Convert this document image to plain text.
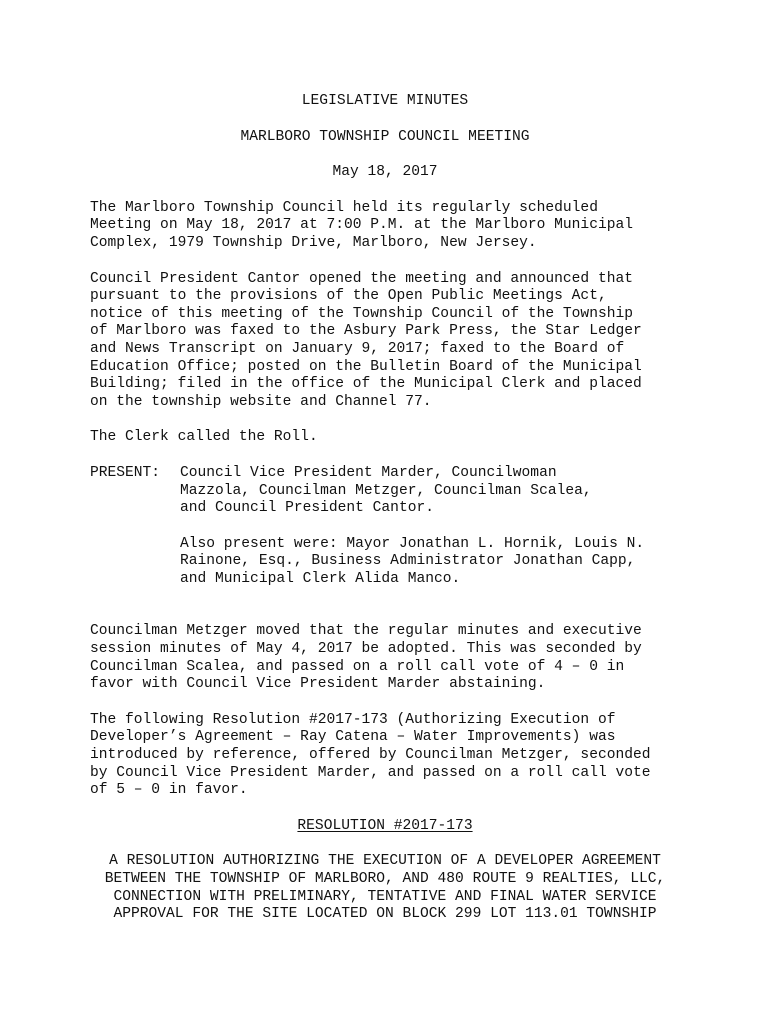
LEGISLATIVE MINUTES
MARLBORO TOWNSHIP COUNCIL MEETING
May 18, 2017
The Marlboro Township Council held its regularly scheduled
Meeting on May 18, 2017 at 7:00 P.M. at the Marlboro Municipal
Complex, 1979 Township Drive, Marlboro, New Jersey.
Council President Cantor opened the meeting and announced that
pursuant to the provisions of the Open Public Meetings Act,
notice of this meeting of the Township Council of the Township
of Marlboro was faxed to the Asbury Park Press, the Star Ledger
and News Transcript on January 9, 2017; faxed to the Board of
Education Office; posted on the Bulletin Board of the Municipal
Building; filed in the office of the Municipal Clerk and placed
on the township website and Channel 77.
The Clerk called the Roll.
PRESENT:	Council Vice President Marder, Councilwoman
Mazzola, Councilman Metzger, Councilman Scalea,
and Council President Cantor.
Also present were: Mayor Jonathan L. Hornik, Louis N.
Rainone, Esq., Business Administrator Jonathan Capp,
and Municipal Clerk Alida Manco.
Councilman Metzger moved that the regular minutes and executive
session minutes of May 4, 2017 be adopted. This was seconded by
Councilman Scalea, and passed on a roll call vote of 4 – 0 in
favor with Council Vice President Marder abstaining.
The following Resolution #2017-173 (Authorizing Execution of
Developer’s Agreement – Ray Catena – Water Improvements) was
introduced by reference, offered by Councilman Metzger, seconded
by Council Vice President Marder, and passed on a roll call vote
of 5 – 0 in favor.
RESOLUTION #2017-173
A RESOLUTION AUTHORIZING THE EXECUTION OF A DEVELOPER AGREEMENT
BETWEEN THE TOWNSHIP OF MARLBORO, AND 480 ROUTE 9 REALTIES, LLC,
CONNECTION WITH PRELIMINARY, TENTATIVE AND FINAL WATER SERVICE
APPROVAL FOR THE SITE LOCATED ON BLOCK 299 LOT 113.01 TOWNSHIP
